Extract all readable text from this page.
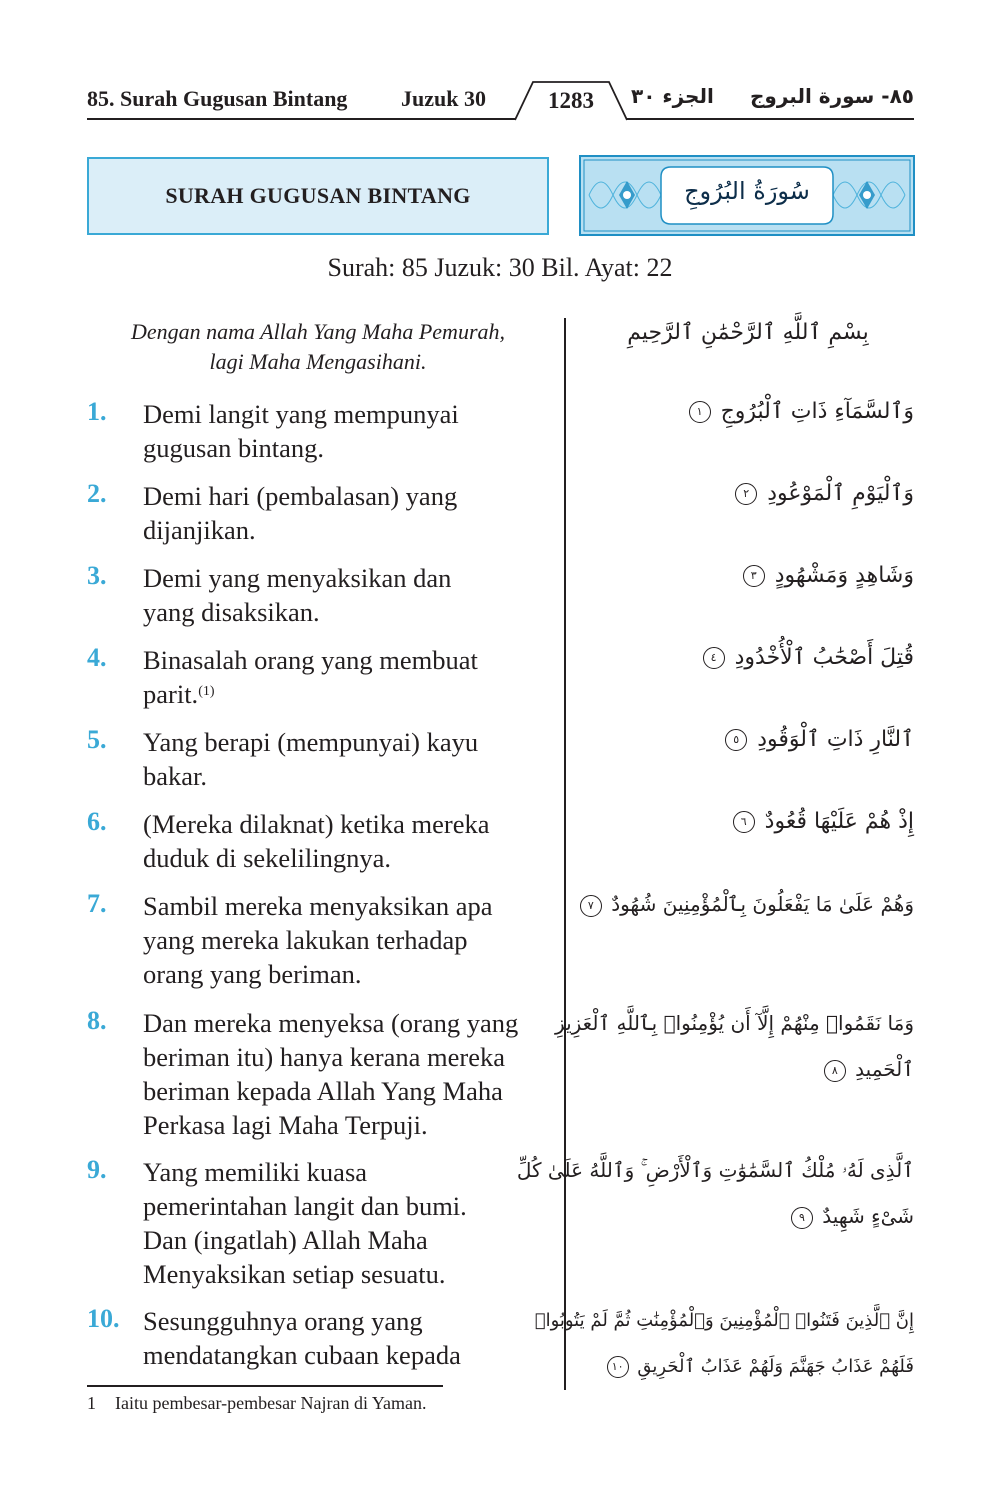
85. Surah Gugusan Bintang Juzuk 30	1283	الجزء ٣٠ ٨٥- سورة البروج
SURAH GUGUSAN BINTANG	سُورَةُ البُرُوجِ
Surah: 85 Juzuk: 30 Bil. Ayat: 22
Dengan nama Allah Yang Maha Pemurah,
lagi Maha Mengasihani.
بِسْمِ ٱللَّهِ ٱلرَّحْمَٰنِ ٱلرَّحِيمِ
1. Demi langit yang mempunyai
gugusan bintang.
وَٱلسَّمَآءِ ذَاتِ ٱلْبُرُوجِ ١
2. Demi hari (pembalasan) yang
dijanjikan.
وَٱلْيَوْمِ ٱلْمَوْعُودِ ٢
3. Demi yang menyaksikan dan
yang disaksikan.
وَشَاهِدٍ وَمَشْهُودٍ ٣
4. Binasalah orang yang membuat
parit.$^{(1)}$
قُتِلَ أَصْحَٰبُ ٱلْأُخْدُودِ ٤
5. Yang berapi (mempunyai) kayu
bakar.
ٱلنَّارِ ذَاتِ ٱلْوَقُودِ ٥
6. (Mereka dilaknat) ketika mereka
duduk di sekelilingnya.
إِذْ هُمْ عَلَيْهَا قُعُودٌ ٦
7. Sambil mereka menyaksikan apa
yang mereka lakukan terhadap
orang yang beriman.
وَهُمْ عَلَىٰ مَا يَفْعَلُونَ بِٱلْمُؤْمِنِينَ شُهُودٌ ٧
8. Dan mereka menyeksa (orang yang
beriman itu) hanya kerana mereka
beriman kepada Allah Yang Maha
Perkasa lagi Maha Terpuji.
وَمَا نَقَمُوا۟ مِنْهُمْ إِلَّآ أَن يُؤْمِنُوا۟ بِٱللَّهِ ٱلْعَزِيزِ
ٱلْحَمِيدِ ٨
9. Yang memiliki kuasa
pemerintahan langit dan bumi.
Dan (ingatlah) Allah Maha
Menyaksikan setiap sesuatu.
ٱلَّذِى لَهُۥ مُلْكُ ٱلسَّمَٰوَٰتِ وَٱلْأَرْضِ ۚ وَٱللَّهُ عَلَىٰ كُلِّ
شَىْءٍ شَهِيدٌ ٩
10. Sesungguhnya orang yang
mendatangkan cubaan kepada
إِنَّ ٱلَّذِينَ فَتَنُوا۟ ٱلْمُؤْمِنِينَ وَٱلْمُؤْمِنَٰتِ ثُمَّ لَمْ يَتُوبُوا۟
فَلَهُمْ عَذَابُ جَهَنَّمَ وَلَهُمْ عَذَابُ ٱلْحَرِيقِ ١٠
1 Iaitu pembesar-pembesar Najran di Yaman.
